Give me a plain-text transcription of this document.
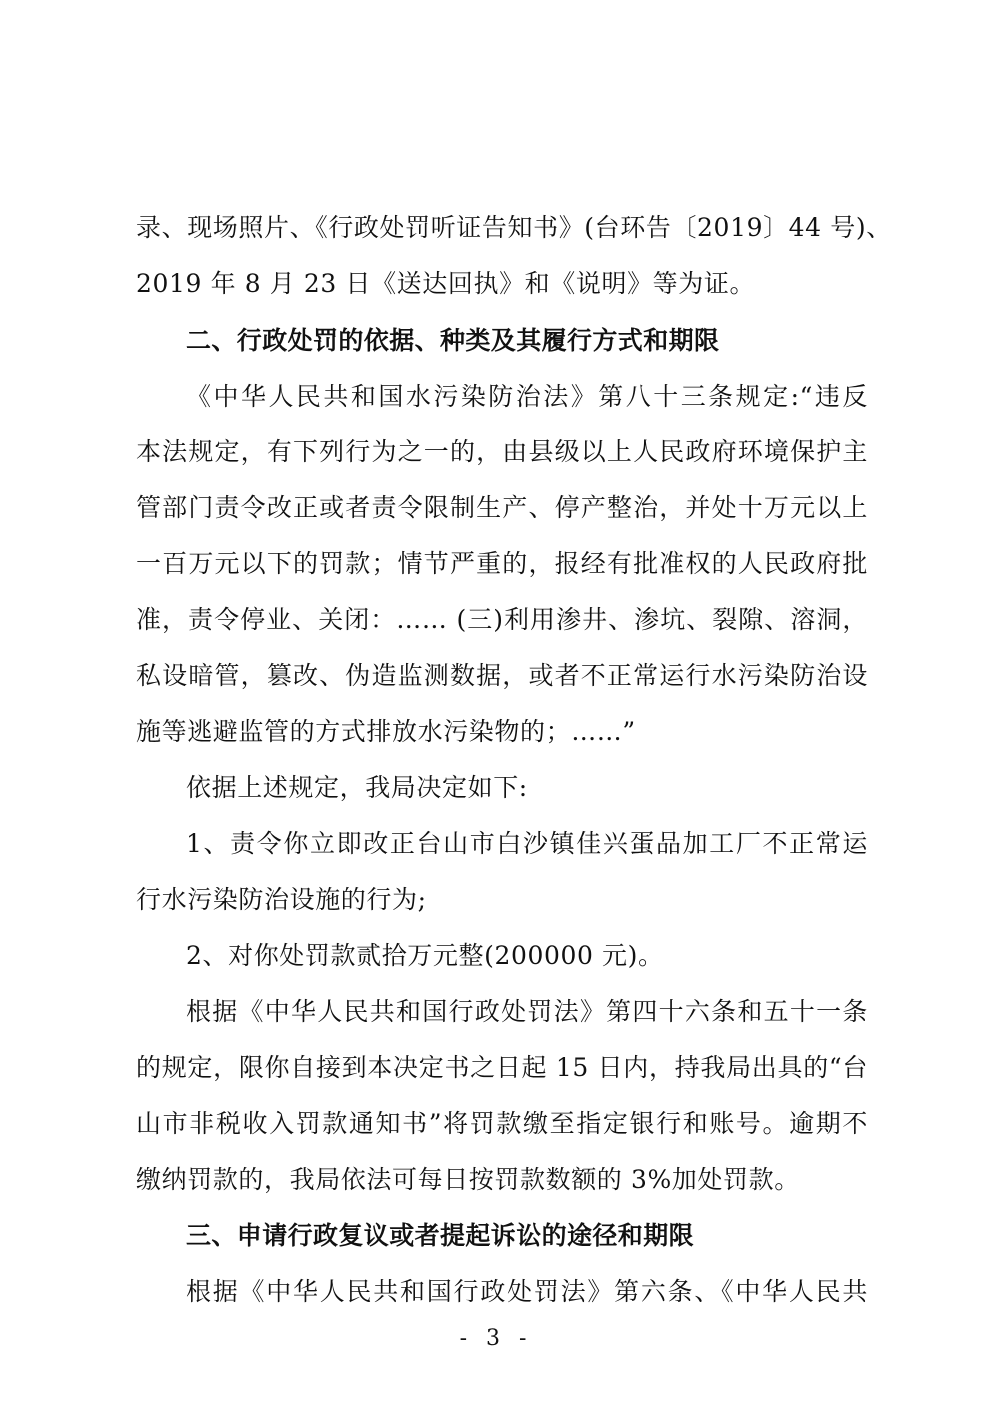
录、现场照片、《行政处罚听证告知书》(台环告〔2019〕44 号)、
2019 年 8 月 23 日《送达回执》和《说明》等为证。
二、行政处罚的依据、种类及其履行方式和期限
《中华人民共和国水污染防治法》第八十三条规定:“违反
本法规定，有下列行为之一的，由县级以上人民政府环境保护主
管部门责令改正或者责令限制生产、停产整治，并处十万元以上
一百万元以下的罚款；情节严重的，报经有批准权的人民政府批
准，责令停业、关闭：…… (三)利用渗井、渗坑、裂隙、溶洞，
私设暗管，篡改、伪造监测数据，或者不正常运行水污染防治设
施等逃避监管的方式排放水污染物的；……”
依据上述规定，我局决定如下:
1、责令你立即改正台山市白沙镇佳兴蛋品加工厂不正常运
行水污染防治设施的行为;
2、对你处罚款贰拾万元整(200000 元)。
根据《中华人民共和国行政处罚法》第四十六条和五十一条
的规定，限你自接到本决定书之日起 15 日内，持我局出具的“台
山市非税收入罚款通知书”将罚款缴至指定银行和账号。逾期不
缴纳罚款的，我局依法可每日按罚款数额的 3%加处罚款。
三、申请行政复议或者提起诉讼的途径和期限
根据《中华人民共和国行政处罚法》第六条、《中华人民共
- 3 -
